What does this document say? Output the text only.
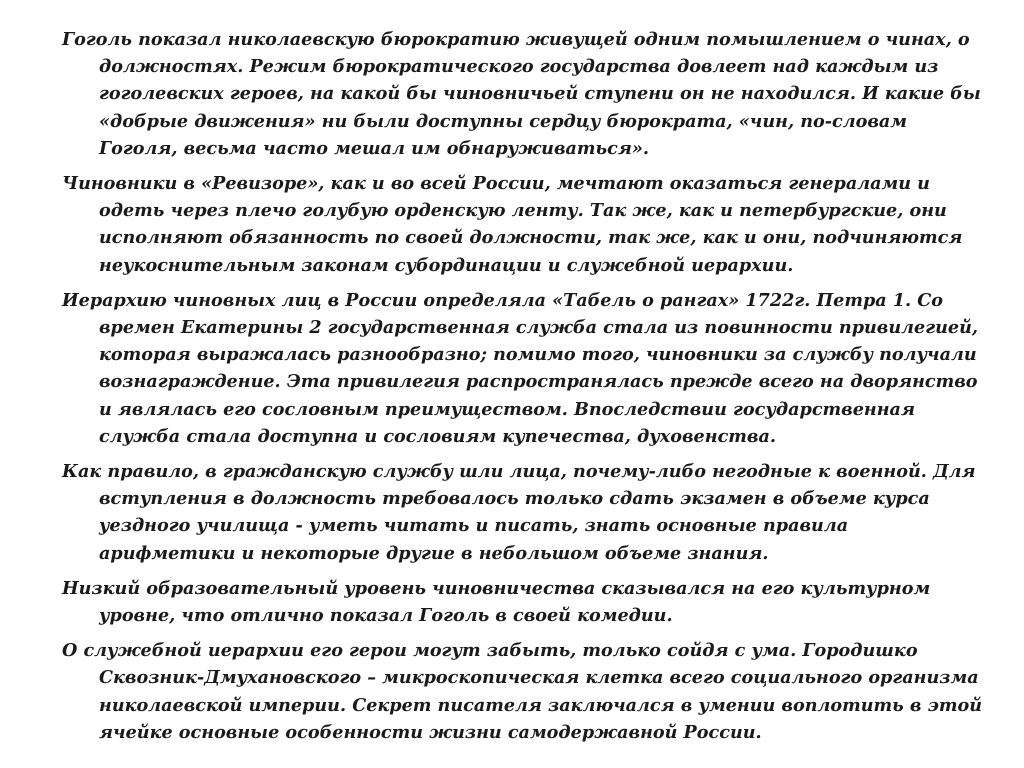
Гоголь показал николаевскую бюрократию живущей одним помышлением о чинах, о должностях. Режим бюрократического государства довлеет над каждым из гоголевских героев, на какой бы чиновничьей ступени он не находился. И какие бы «добрые движения» ни были доступны сердцу бюрократа, «чин, по-словам Гоголя, весьма часто мешал им обнаруживаться».

Чиновники в «Ревизоре», как и во всей России, мечтают оказаться генералами и одеть через плечо голубую орденскую ленту. Так же, как и петербургские, они исполняют обязанность по своей должности, так же, как и они, подчиняются неукоснительным законам субординации и служебной иерархии.

Иерархию чиновных лиц в России определяла «Табель о рангах» 1722г. Петра 1. Со времен Екатерины 2 государственная служба стала из повинности привилегией, которая выражалась разнообразно; помимо того, чиновники за службу получали вознаграждение. Эта привилегия распространялась прежде всего на дворянство и являлась его сословным преимуществом. Впоследствии государственная служба стала доступна и сословиям купечества, духовенства.

Как правило, в гражданскую службу шли лица, почему-либо негодные к военной. Для вступления в должность требовалось только сдать экзамен в объеме курса уездного училища - уметь читать и писать, знать основные правила арифметики и некоторые другие в небольшом объеме знания.

Низкий образовательный уровень чиновничества сказывался на его культурном уровне, что отлично показал Гоголь в своей комедии.

О служебной иерархии его герои могут забыть, только сойдя с ума. Городишко Сквозник-Дмухановского – микроскопическая клетка всего социального организма николаевской империи. Секрет писателя заключался в умении воплотить в этой ячейке основные особенности жизни самодержавной России.
